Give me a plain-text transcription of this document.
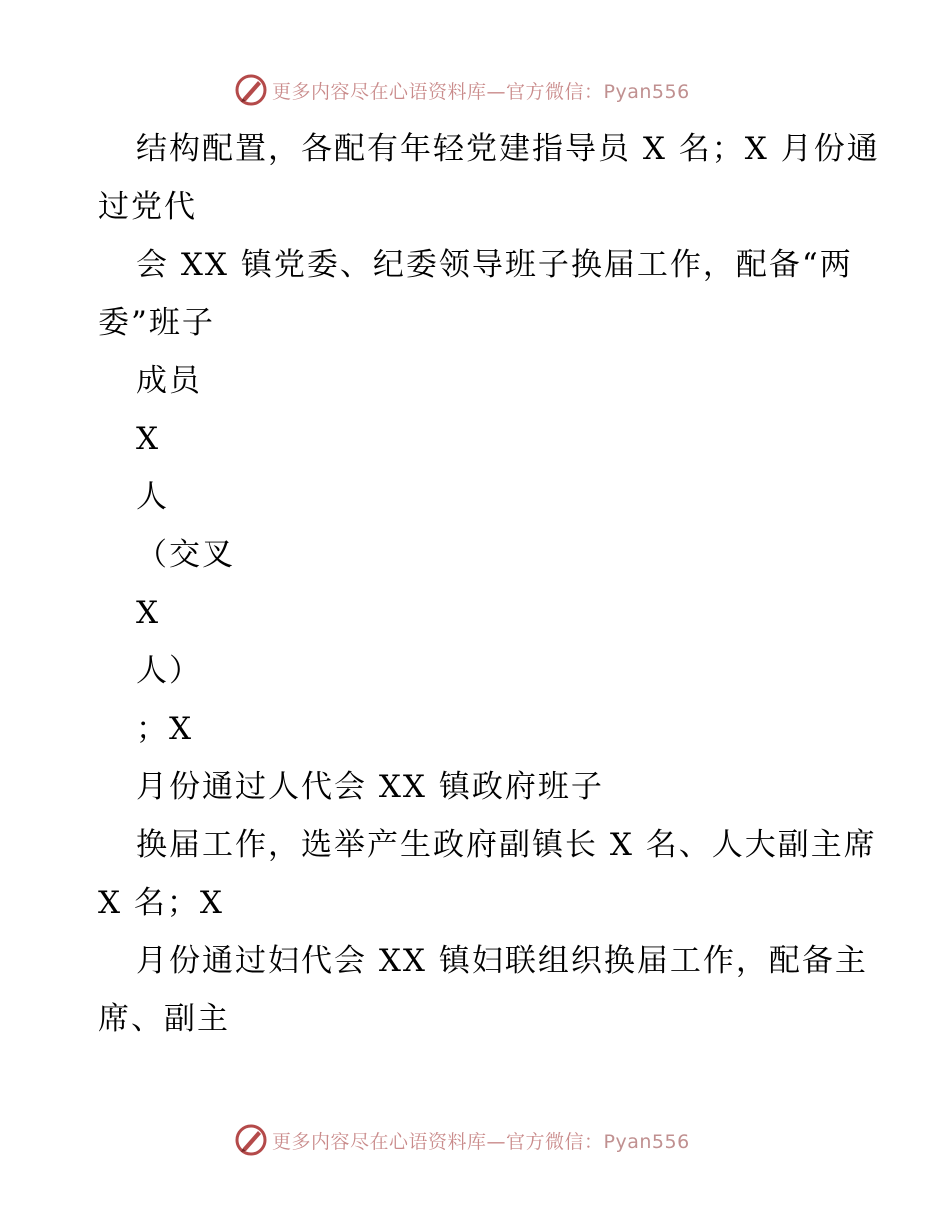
更多内容尽在心语资料库—官方微信：Pyan556

结构配置，各配有年轻党建指导员 X 名；X 月份通过党代

会 XX 镇党委、纪委领导班子换届工作，配备“两委”班子

成员

X

人

（交叉

X

人）

；X

月份通过人代会 XX 镇政府班子

换届工作，选举产生政府副镇长 X 名、人大副主席 X 名；X

月份通过妇代会 XX 镇妇联组织换届工作，配备主席、副主

更多内容尽在心语资料库—官方微信：Pyan556
